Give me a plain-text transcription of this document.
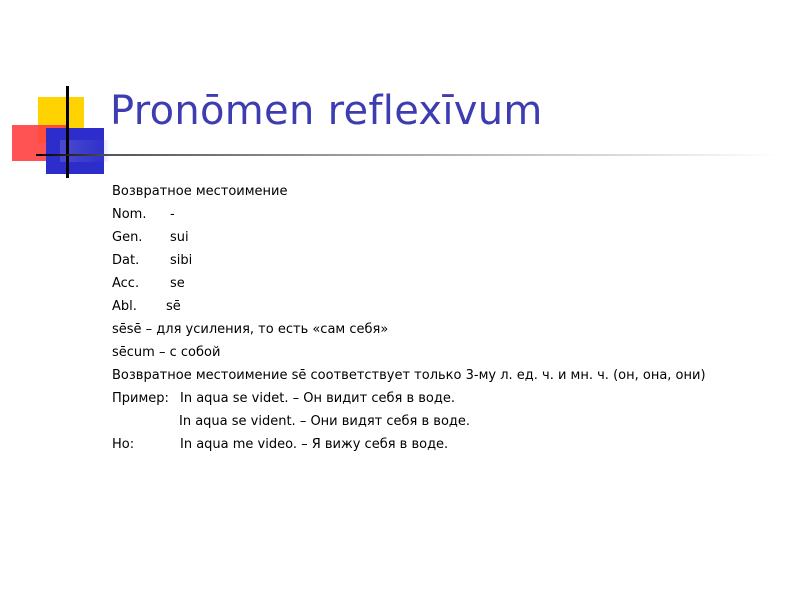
Pronōmen reflexīvum
Возвратное местоимение
Nom. -
Gen. sui
Dat. sibi
Acc. se
Abl. sē
sēsē – для усиления, то есть «сам себя»
sēcum – с собой
Возвратное местоимение sē соответствует только 3-му л. ед. ч. и мн. ч. (он, она, они)
Пример: In aqua se videt. – Он видит себя в воде.
In aqua se vident. – Они видят себя в воде.
Но:	In aqua me video. – Я вижу себя в воде.
